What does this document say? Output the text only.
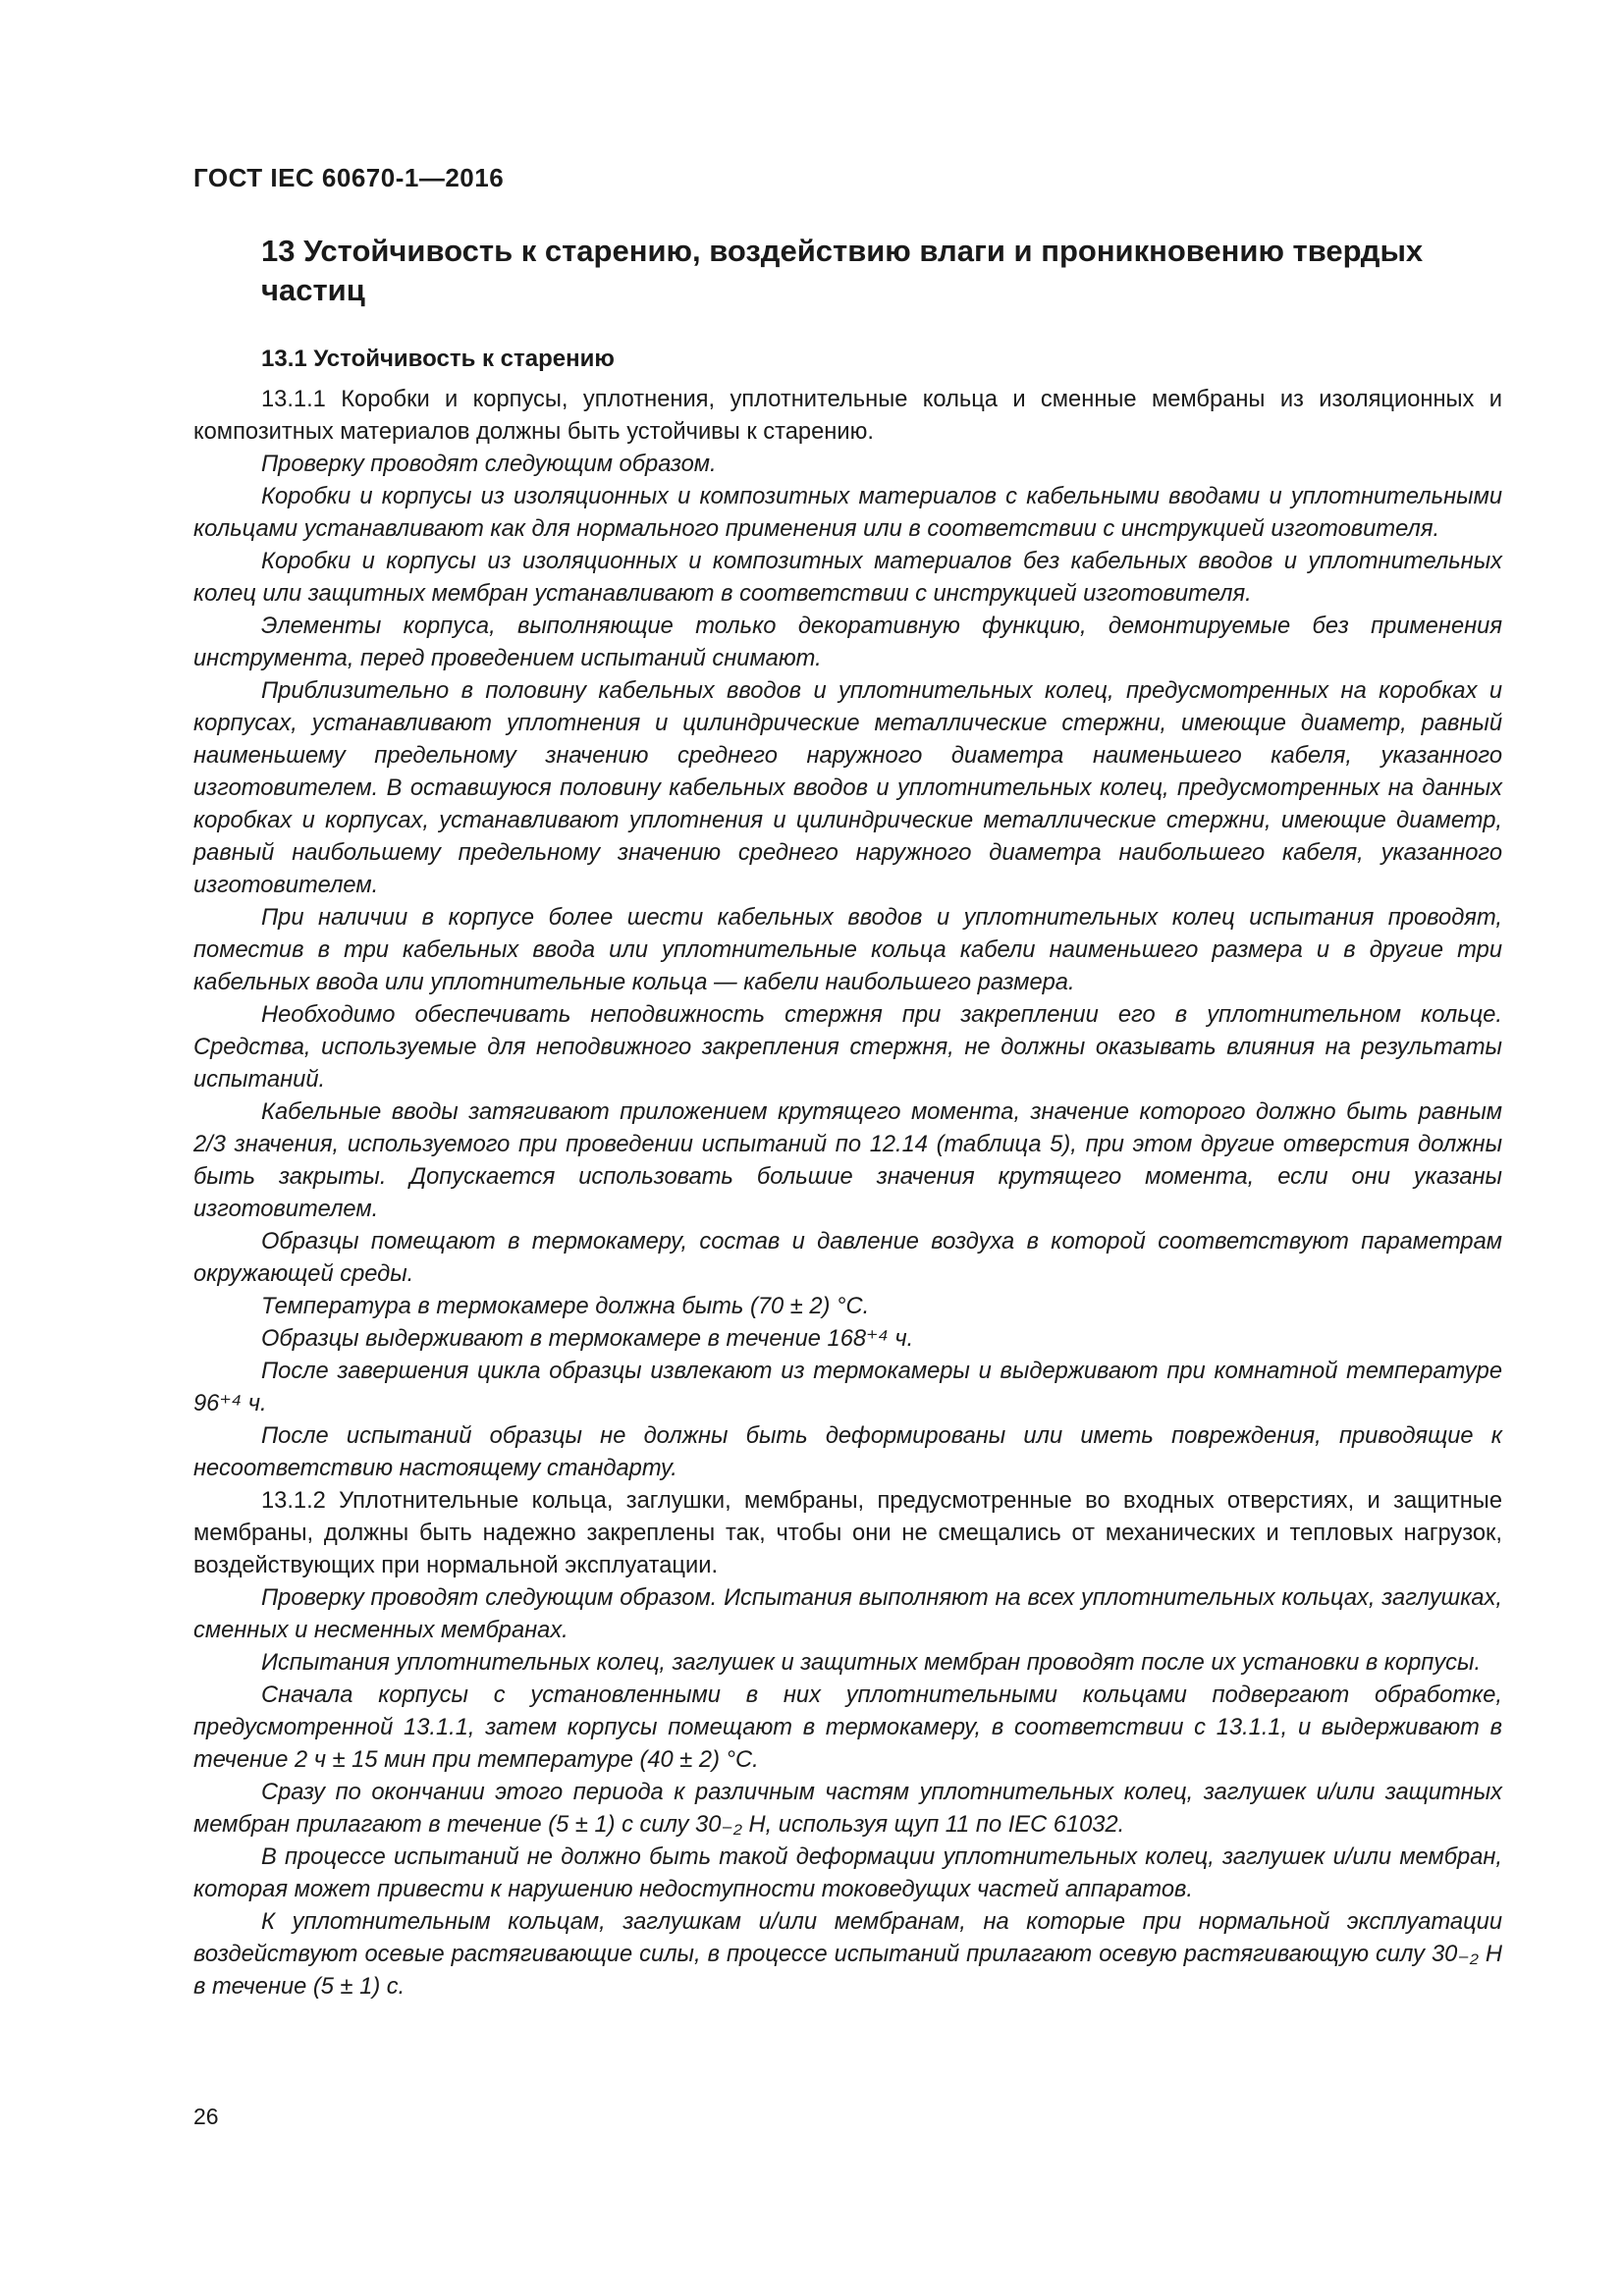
ГОСТ IEC 60670-1—2016
13 Устойчивость к старению, воздействию влаги и проникновению твердых частиц
13.1 Устойчивость к старению

13.1.1 Коробки и корпусы, уплотнения, уплотнительные кольца и сменные мембраны из изоляционных и композитных материалов должны быть устойчивы к старению.

Проверку проводят следующим образом.

Коробки и корпусы из изоляционных и композитных материалов с кабельными вводами и уплотнительными кольцами устанавливают как для нормального применения или в соответствии с инструкцией изготовителя.

Коробки и корпусы из изоляционных и композитных материалов без кабельных вводов и уплотнительных колец или защитных мембран устанавливают в соответствии с инструкцией изготовителя.

Элементы корпуса, выполняющие только декоративную функцию, демонтируемые без применения инструмента, перед проведением испытаний снимают.

Приблизительно в половину кабельных вводов и уплотнительных колец, предусмотренных на коробках и корпусах, устанавливают уплотнения и цилиндрические металлические стержни, имеющие диаметр, равный наименьшему предельному значению среднего наружного диаметра наименьшего кабеля, указанного изготовителем. В оставшуюся половину кабельных вводов и уплотнительных колец, предусмотренных на данных коробках и корпусах, устанавливают уплотнения и цилиндрические металлические стержни, имеющие диаметр, равный наибольшему предельному значению среднего наружного диаметра наибольшего кабеля, указанного изготовителем.

При наличии в корпусе более шести кабельных вводов и уплотнительных колец испытания проводят, поместив в три кабельных ввода или уплотнительные кольца кабели наименьшего размера и в другие три кабельных ввода или уплотнительные кольца — кабели наибольшего размера.

Необходимо обеспечивать неподвижность стержня при закреплении его в уплотнительном кольце. Средства, используемые для неподвижного закрепления стержня, не должны оказывать влияния на результаты испытаний.

Кабельные вводы затягивают приложением крутящего момента, значение которого должно быть равным 2/3 значения, используемого при проведении испытаний по 12.14 (таблица 5), при этом другие отверстия должны быть закрыты. Допускается использовать большие значения крутящего момента, если они указаны изготовителем.

Образцы помещают в термокамеру, состав и давление воздуха в которой соответствуют параметрам окружающей среды.

Температура в термокамере должна быть (70 ± 2) °С.

Образцы выдерживают в термокамере в течение 168⁺⁴ ч.

После завершения цикла образцы извлекают из термокамеры и выдерживают при комнатной температуре 96⁺⁴ ч.

После испытаний образцы не должны быть деформированы или иметь повреждения, приводящие к несоответствию настоящему стандарту.

13.1.2 Уплотнительные кольца, заглушки, мембраны, предусмотренные во входных отверстиях, и защитные мембраны, должны быть надежно закреплены так, чтобы они не смещались от механических и тепловых нагрузок, воздействующих при нормальной эксплуатации.

Проверку проводят следующим образом. Испытания выполняют на всех уплотнительных кольцах, заглушках, сменных и несменных мембранах.

Испытания уплотнительных колец, заглушек и защитных мембран проводят после их установки в корпусы.

Сначала корпусы с установленными в них уплотнительными кольцами подвергают обработке, предусмотренной 13.1.1, затем корпусы помещают в термокамеру, в соответствии с 13.1.1, и выдерживают в течение 2 ч ± 15 мин при температуре (40 ± 2) °С.

Сразу по окончании этого периода к различным частям уплотнительных колец, заглушек и/или защитных мембран прилагают в течение (5 ± 1) с силу 30₋₂ Н, используя щуп 11 по IEC 61032.

В процессе испытаний не должно быть такой деформации уплотнительных колец, заглушек и/или мембран, которая может привести к нарушению недоступности токоведущих частей аппаратов.

К уплотнительным кольцам, заглушкам и/или мембранам, на которые при нормальной эксплуатации воздействуют осевые растягивающие силы, в процессе испытаний прилагают осевую растягивающую силу 30₋₂ Н в течение (5 ± 1) с.

26
